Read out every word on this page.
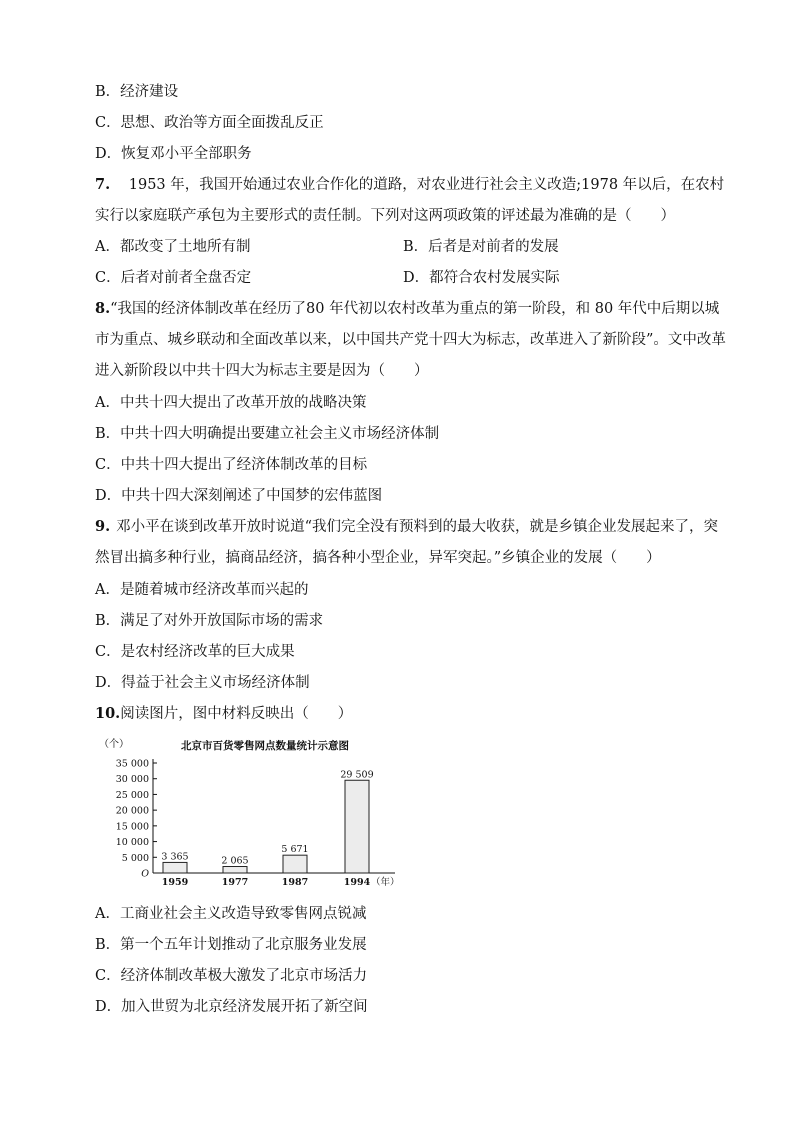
B．经济建设
C．思想、政治等方面全面拨乱反正
D．恢复邓小平全部职务
7. 1953 年，我国开始通过农业合作化的道路，对农业进行社会主义改造;1978 年以后，在农村
实行以家庭联产承包为主要形式的责任制。下列对这两项政策的评述最为准确的是（　　）
A．都改变了土地所有制	B．后者是对前者的发展
C．后者对前者全盘否定	D．都符合农村发展实际
8.“我国的经济体制改革在经历了80 年代初以农村改革为重点的第一阶段，和 80 年代中后期以城
市为重点、城乡联动和全面改革以来，以中国共产党十四大为标志，改革进入了新阶段”。文中改革
进入新阶段以中共十四大为标志主要是因为（　　）
A．中共十四大提出了改革开放的战略决策
B．中共十四大明确提出要建立社会主义市场经济体制
C．中共十四大提出了经济体制改革的目标
D．中共十四大深刻阐述了中国梦的宏伟蓝图
9. 邓小平在谈到改革开放时说道“我们完全没有预料到的最大收获，就是乡镇企业发展起来了，突
然冒出搞多种行业，搞商品经济，搞各种小型企业，异军突起。”乡镇企业的发展（　　）
A．是随着城市经济改革而兴起的
B．满足了对外开放国际市场的需求
C．是农村经济改革的巨大成果
D．得益于社会主义市场经济体制
10.阅读图片，图中材料反映出（　　）
（个）	北京市百货零售网点数量统计示意图
O
5 000
10 000
15 000
20 000
25 000
30 000
35 000
3 365
1959
2 065
1977
5 671
1987
29 509
1994 （年）
A．工商业社会主义改造导致零售网点锐减
B．第一个五年计划推动了北京服务业发展
C．经济体制改革极大激发了北京市场活力
D．加入世贸为北京经济发展开拓了新空间
